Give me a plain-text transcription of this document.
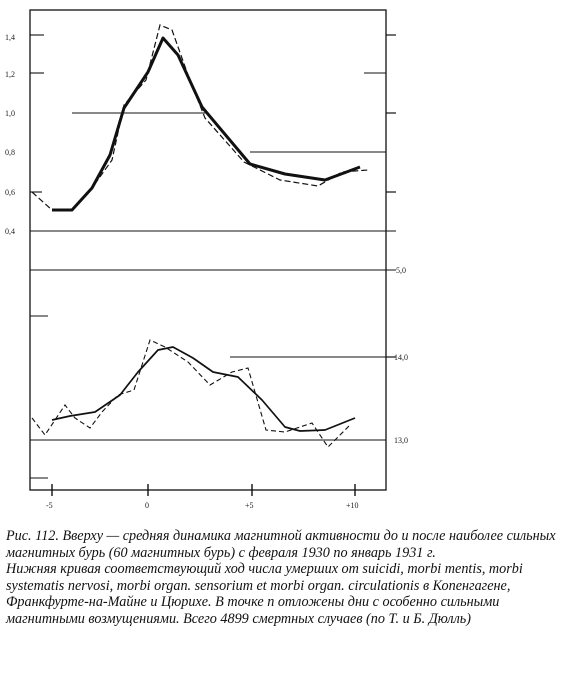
1,4
1,2
1,0
0,8
0,6
0,4
5,0
14,0
13,0
-5	0	+5	+10

Рис. 112. Вверху — средняя динамика магнитной активности до и после наиболее сильных магнитных бурь (60 магнитных бурь) с февраля 1930 по январь 1931 г.

Нижняя кривая соответствующий ход числа умерших от suicidi, morbi mentis, morbi systematis nervosi, morbi organ. sensorium et morbi organ. circulationis в Копенгагене, Франкфурте-на-Майне и Цюрихе. В точке п отложены дни с особенно сильными магнитными возмущениями. Всего 4899 смертных случаев (по Т. и Б. Дюлль)
